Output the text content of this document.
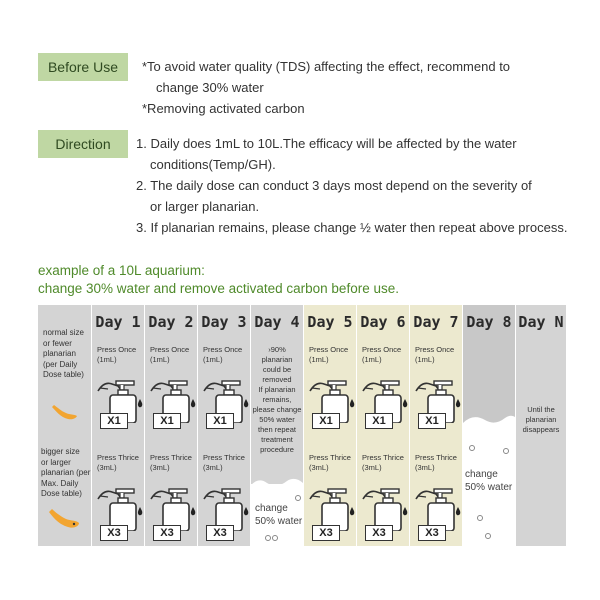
Before Use	*To avoid water quality (TDS) affecting the effect, recommend to
change 30% water
*Removing activated carbon
Direction	1. Daily does 1mL to 10L.The efficacy will be affected by the water
conditions(Temp/GH).
2. The daily dose can conduct 3 days most depend on the severity of
or larger planarian.
3. If planarian remains, please change ½ water then repeat above process.
example of a 10L aquarium:
change 30% water and remove activated carbon before use.
normal size
or fewer
planarian
(per Daily
Dose table)
bigger size
or larger
planarian (per
Max. Daily
Dose table)
Day 1
Press Once
(1mL)
X1
Press Thrice
(3mL)
X3
Day 2
Press Once
(1mL)
X1
Press Thrice
(3mL)
X3
Day 3
Press Once
(1mL)
X1
Press Thrice
(3mL)
X3
Day 4
›90%
planarian
could be
removed
If planarian
remains,
please change
50% water
then repeat
treatment
procedure
change
50% water
Day 5
Press Once
(1mL)
X1
Press Thrice
(3mL)
X3
Day 6
Press Once
(1mL)
X1
Press Thrice
(3mL)
X3
Day 7
Press Once
(1mL)
X1
Press Thrice
(3mL)
X3
Day 8
change
50% water
Day N
Until the
planarian
disappears
